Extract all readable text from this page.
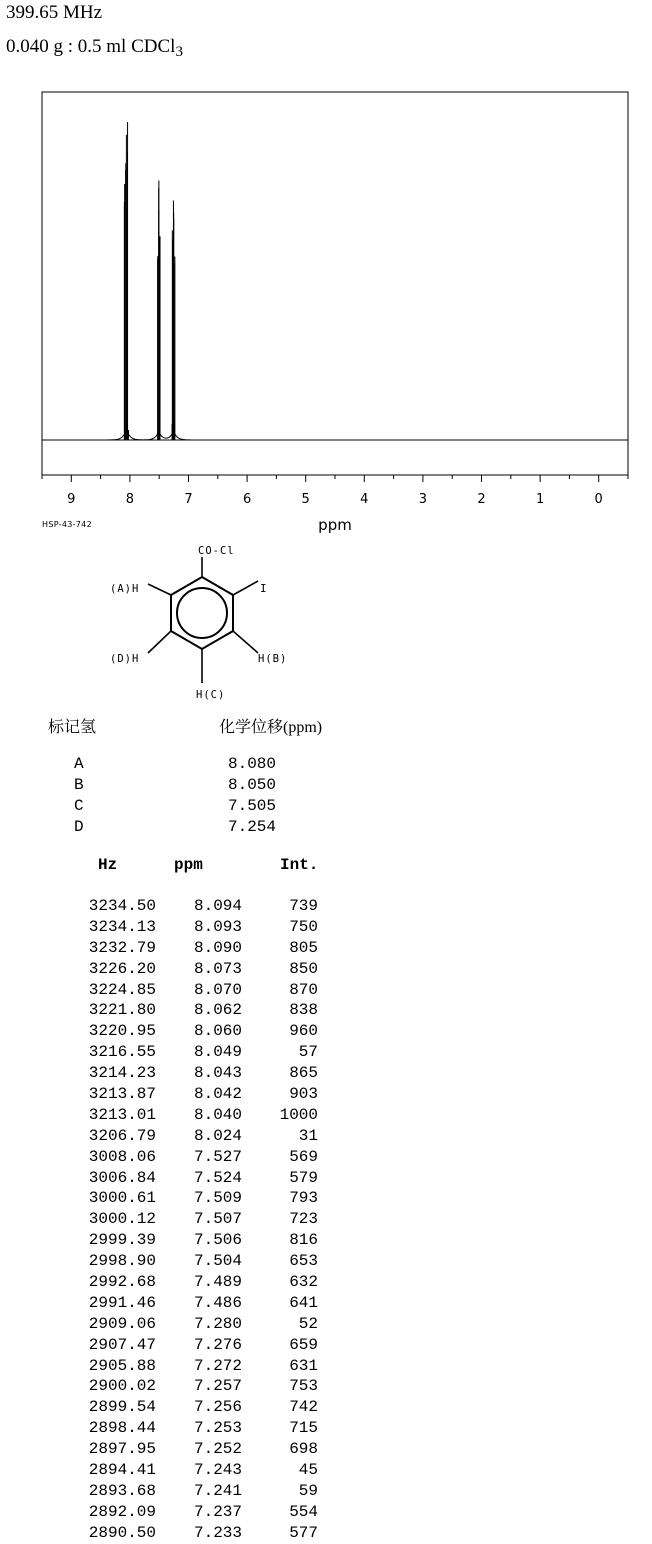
399.65 MHz
0.040 g : 0.5 ml CDCl$_3$
9	8	7	6	5	4	3	2	1	0
ppm
HSP-43-742
CO-Cl
I
(A)H
H(B)
H(C)
(D)H
标记氢	化学位移(ppm)
A	8.080
B	8.050
C	7.505
D	7.254
Hz	ppm	Int.
3234.50	8.094	739
3234.13	8.093	750
3232.79	8.090	805
3226.20	8.073	850
3224.85	8.070	870
3221.80	8.062	838
3220.95	8.060	960
3216.55	8.049	57
3214.23	8.043	865
3213.87	8.042	903
3213.01	8.040	1000
3206.79	8.024	31
3008.06	7.527	569
3006.84	7.524	579
3000.61	7.509	793
3000.12	7.507	723
2999.39	7.506	816
2998.90	7.504	653
2992.68	7.489	632
2991.46	7.486	641
2909.06	7.280	52
2907.47	7.276	659
2905.88	7.272	631
2900.02	7.257	753
2899.54	7.256	742
2898.44	7.253	715
2897.95	7.252	698
2894.41	7.243	45
2893.68	7.241	59
2892.09	7.237	554
2890.50	7.233	577
